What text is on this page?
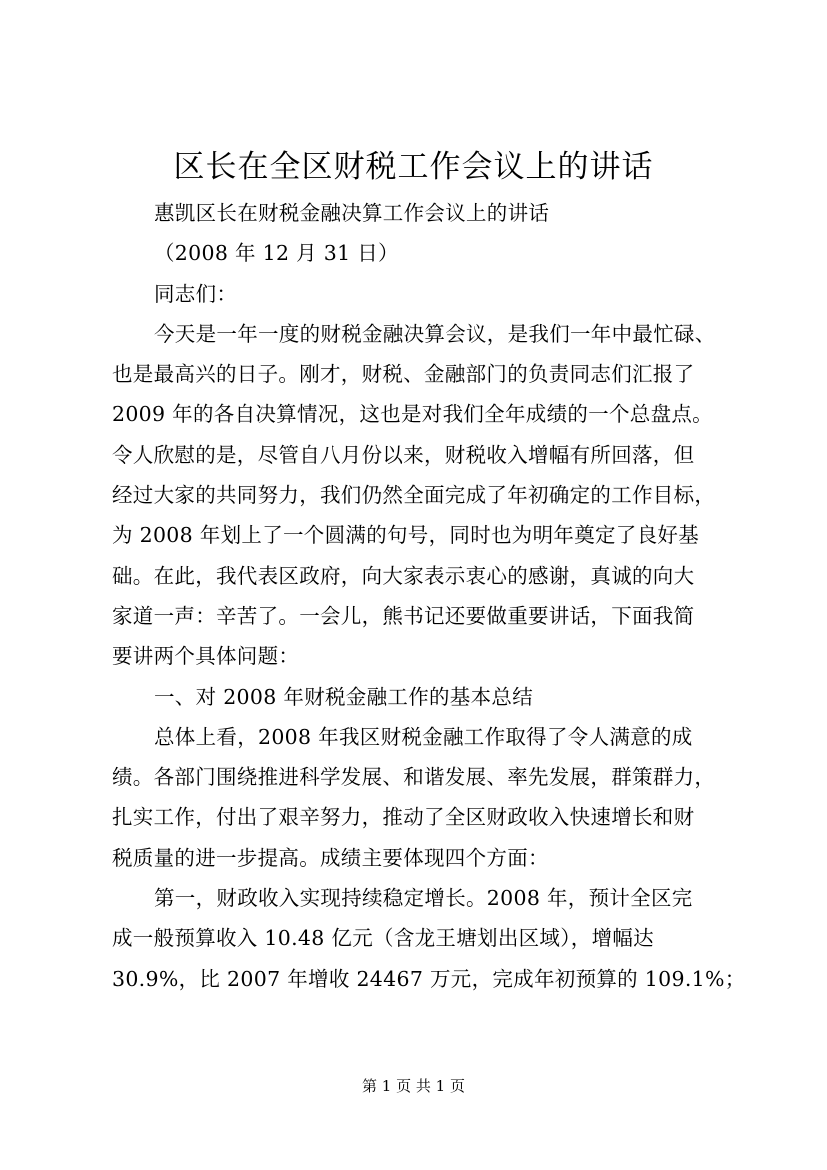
区长在全区财税工作会议上的讲话
惠凯区长在财税金融决算工作会议上的讲话
（2008 年 12 月 31 日）
同志们：
今天是一年一度的财税金融决算会议，是我们一年中最忙碌、
也是最高兴的日子。刚才，财税、金融部门的负责同志们汇报了
2009 年的各自决算情况，这也是对我们全年成绩的一个总盘点。
令人欣慰的是，尽管自八月份以来，财税收入增幅有所回落，但
经过大家的共同努力，我们仍然全面完成了年初确定的工作目标，
为 2008 年划上了一个圆满的句号，同时也为明年奠定了良好基
础。在此，我代表区政府，向大家表示衷心的感谢，真诚的向大
家道一声：辛苦了。一会儿，熊书记还要做重要讲话，下面我简
要讲两个具体问题：
一、对 2008 年财税金融工作的基本总结
总体上看，2008 年我区财税金融工作取得了令人满意的成
绩。各部门围绕推进科学发展、和谐发展、率先发展，群策群力，
扎实工作，付出了艰辛努力，推动了全区财政收入快速增长和财
税质量的进一步提高。成绩主要体现四个方面：
第一，财政收入实现持续稳定增长。2008 年，预计全区完
成一般预算收入 10.48 亿元（含龙王塘划出区域），增幅达
30.9%，比 2007 年增收 24467 万元，完成年初预算的 109.1%；
第 1 页 共 1 页
